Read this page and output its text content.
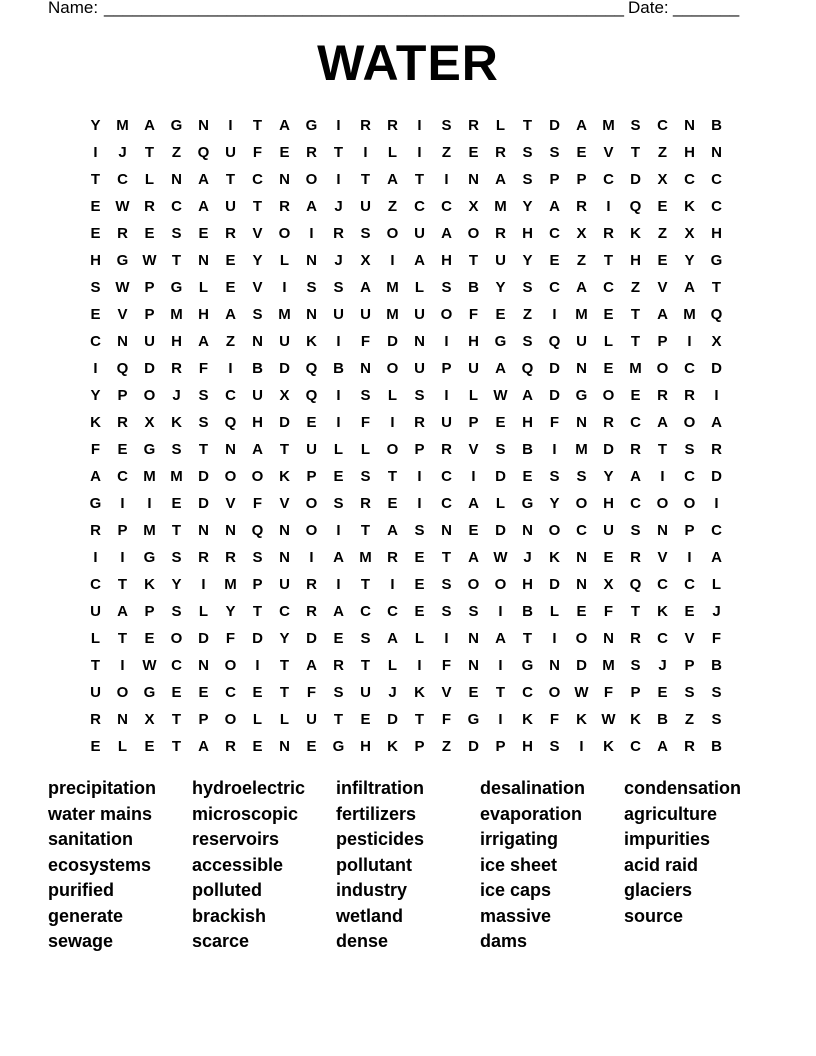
Name:

_______________________________________________________

Date:

_______

WATER
Y	M	A	G	N	I	T	A	G	I	R	R	I	S	R	L	T	D	A	M	S	C	N	B
I	J	T	Z	Q	U	F	E	R	T	I	L	I	Z	E	R	S	S	E	V	T	Z	H	N
T	C	L	N	A	T	C	N	O	I	T	A	T	I	N	A	S	P	P	C	D	X	C	C
E W R	C	A	U	T	R	A	J	U	Z	C	C	X	M	Y	A	R	I	Q	E	K	C
E	R	E	S	E	R	V	O	I	R	S	O	U	A	O	R	H	C	X	R	K	Z	X	H
H	G W	T	N	E	Y	L	N	J	X	I	A	H	T	U	Y	E	Z	T	H	E	Y	G
S W P	G	L	E	V	I	S	S	A	M	L	S	B	Y	S	C	A	C	Z	V	A	T
E	V	P	M	H	A	S	M	N	U	U	M	U	O	F	E	Z	I	M	E	T	A	M Q
C	N	U	H	A	Z	N	U	K	I	F	D	N	I	H	G	S	Q	U	L	T	P	I	X
I	Q	D	R	F	I	B	D	Q	B	N	O	U	P	U	A	Q	D	N	E	M O	C	D
Y	P	O	J	S	C	U	X	Q	I	S	L	S	I	L	W A	D	G	O	E	R	R	I
K	R	X	K	S	Q	H	D	E	I	F	I	R	U	P	E	H	F	N	R	C	A	O	A
F	E	G	S	T	N	A	T	U	L	L	O	P	R	V	S	B	I	M	D	R	T	S	R
A	C	M M	D	O	O	K	P	E	S	T	I	C	I	D	E	S	S	Y	A	I	C	D
G	I	I	E	D	V	F	V	O	S	R	E	I	C	A	L	G	Y	O	H	C	O	O	I
R	P	M	T	N	N	Q	N	O	I	T	A	S	N	E	D	N	O	C	U	S	N	P	C
I	I	G	S	R	R	S	N	I	A	M	R	E	T	A W	J	K	N	E	R	V	I	A
C	T	K	Y	I	M	P	U	R	I	T	I	E	S	O	O	H	D	N	X	Q	C	C	L
U	A	P	S	L	Y	T	C	R	A	C	C	E	S	S	I	B	L	E	F	T	K	E	J
L	T	E	O	D	F	D	Y	D	E	S	A	L	I	N	A	T	I	O	N	R	C	V	F
T	I	W C	N	O	I	T	A	R	T	L	I	F	N	I	G	N	D	M	S	J	P	B
U	O	G	E	E	C	E	T	F	S	U	J	K	V	E	T	C	O W	F	P	E	S	S
R	N	X	T	P	O	L	L	U	T	E	D	T	F	G	I	K	F	K W K	B	Z	S
E	L	E	T	A	R	E	N	E	G	H	K	P	Z	D	P	H	S	I	K	C	A	R	B
precipitation	hydroelectric	infiltration	desalination	condensation
water mains	microscopic	fertilizers	evaporation	agriculture
sanitation	reservoirs	pesticides	irrigating	impurities
ecosystems	accessible	pollutant	ice sheet	acid raid
purified	polluted	industry	ice caps	glaciers
generate	brackish	wetland	massive	source
sewage	scarce	dense	dams
